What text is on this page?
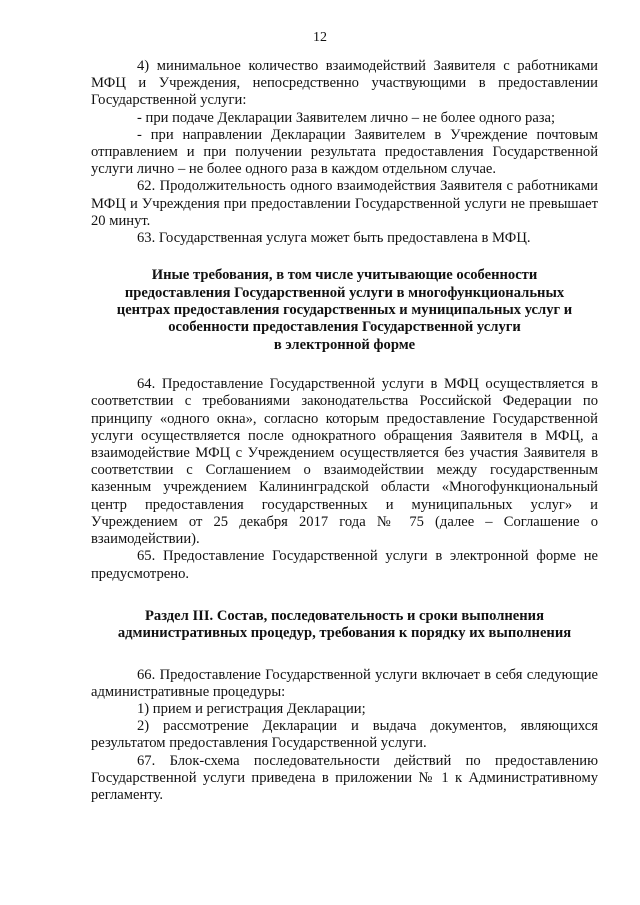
12

4) минимальное количество взаимодействий Заявителя с работниками МФЦ и Учреждения, непосредственно участвующими в предоставлении Государственной услуги:

- при подаче Декларации Заявителем лично – не более одного раза;

- при направлении Декларации Заявителем в Учреждение почтовым отправлением и при получении результата предоставления Государственной услуги лично – не более одного раза в каждом отдельном случае.

62. Продолжительность одного взаимодействия Заявителя с работниками МФЦ и Учреждения при предоставлении Государственной услуги не превышает 20 минут.

63. Государственная услуга может быть предоставлена в МФЦ.

Иные требования, в том числе учитывающие особенности
предоставления Государственной услуги в многофункциональных
центрах предоставления государственных и муниципальных услуг и
особенности предоставления Государственной услуги
в электронной форме

64. Предоставление Государственной услуги в МФЦ осуществляется в соответствии с требованиями законодательства Российской Федерации по принципу «одного окна», согласно которым предоставление Государственной услуги осуществляется после однократного обращения Заявителя в МФЦ, а взаимодействие МФЦ с Учреждением осуществляется без участия Заявителя в соответствии с Соглашением о взаимодействии между государственным казенным учреждением Калининградской области «Многофункциональный центр предоставления государственных и муниципальных услуг» и Учреждением от 25 декабря 2017 года № 75 (далее – Соглашение о взаимодействии).

65. Предоставление Государственной услуги в электронной форме не предусмотрено.

Раздел III. Состав, последовательность и сроки выполнения
административных процедур, требования к порядку их выполнения

66. Предоставление Государственной услуги включает в себя следующие административные процедуры:

1) прием и регистрация Декларации;

2) рассмотрение Декларации и выдача документов, являющихся результатом предоставления Государственной услуги.

67. Блок-схема последовательности действий по предоставлению Государственной услуги приведена в приложении № 1 к Административному регламенту.
